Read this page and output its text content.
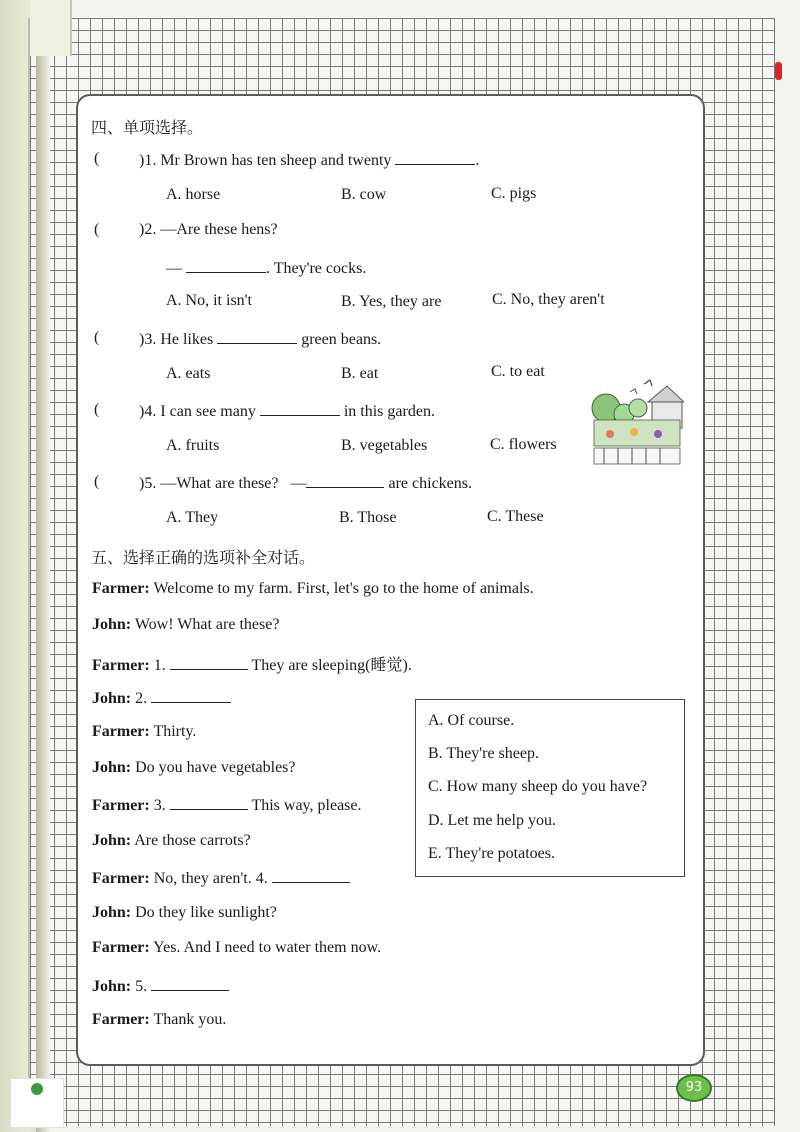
四、单项选择。
( )1. Mr Brown has ten sheep and twenty	.
A. horse	B. cow	C. pigs
( )2. —Are these hens?
—	. They're cocks.
A. No, it isn't	B. Yes, they are	C. No, they aren't
( )3. He likes	green beans.
A. eats	B. eat	C. to eat
( )4. I can see many	in this garden.
A. fruits	B. vegetables	C. flowers
( )5. —What are these? —	are chickens.
A. They	B. Those	C. These
五、选择正确的选项补全对话。
Farmer: Welcome to my farm. First, let's go to the home of animals.
John: Wow! What are these?
Farmer: 1.	They are sleeping(睡觉).
John: 2.
Farmer: Thirty.
John: Do you have vegetables?
Farmer: 3.	This way, please.
John: Are those carrots?
Farmer: No, they aren't. 4.
John: Do they like sunlight?
Farmer: Yes. And I need to water them now.
John: 5.
Farmer: Thank you.
A. Of course.
B. They're sheep.
C. How many sheep do you have?
D. Let me help you.
E. They're potatoes.
93
